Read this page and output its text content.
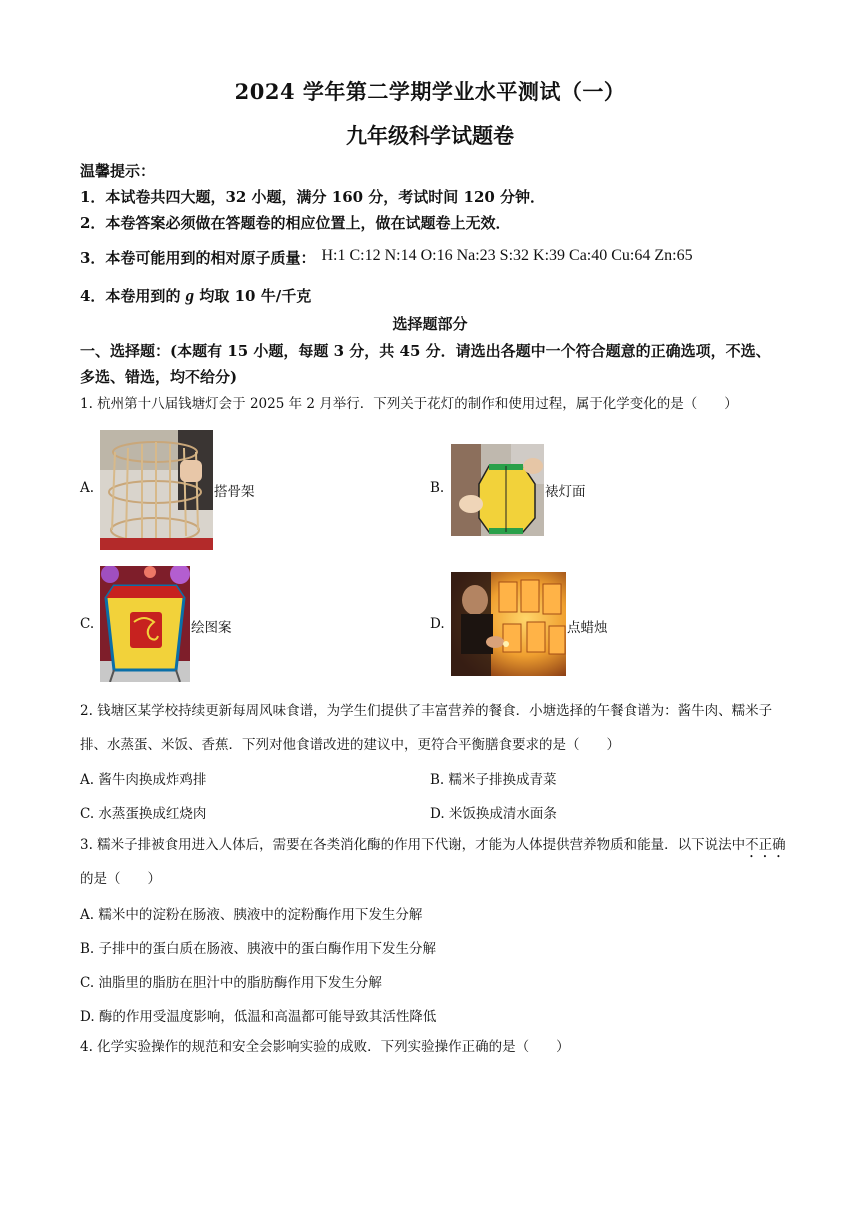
2024 学年第二学期学业水平测试（一）
九年级科学试题卷
温馨提示：
1．本试卷共四大题，32 小题，满分 160 分，考试时间 120 分钟．
2．本卷答案必须做在答题卷的相应位置上，做在试题卷上无效．
3．本卷可能用到的相对原子质量： H:1 C:12 N:14 O:16 Na:23 S:32 K:39 Ca:40 Cu:64 Zn:65
4．本卷用到的 g 均取 10 牛/千克
选择题部分
一、选择题：(本题有 15 小题，每题 3 分，共 45 分．请选出各题中一个符合题意的正确选项，不选、多选、错选，均不给分)
1. 杭州第十八届钱塘灯会于 2025 年 2 月举行．下列关于花灯的制作和使用过程，属于化学变化的是（　　）
A.	搭骨架	B.	裱灯面
C.	绘图案	D.	点蜡烛
2. 钱塘区某学校持续更新每周风味食谱，为学生们提供了丰富营养的餐食．小塘选择的午餐食谱为：酱牛肉、糯米子排、水蒸蛋、米饭、香蕉．下列对他食谱改进的建议中，更符合平衡膳食要求的是（　　）
A. 酱牛肉换成炸鸡排	B. 糯米子排换成青菜
C. 水蒸蛋换成红烧肉	D. 米饭换成清水面条
3. 糯米子排被食用进入人体后，需要在各类消化酶的作用下代谢，才能为人体提供营养物质和能量．以下说法中不正确的是（　　）
A. 糯米中的淀粉在肠液、胰液中的淀粉酶作用下发生分解
B. 子排中的蛋白质在肠液、胰液中的蛋白酶作用下发生分解
C. 油脂里的脂肪在胆汁中的脂肪酶作用下发生分解
D. 酶的作用受温度影响，低温和高温都可能导致其活性降低
4. 化学实验操作的规范和安全会影响实验的成败．下列实验操作正确的是（　　）
